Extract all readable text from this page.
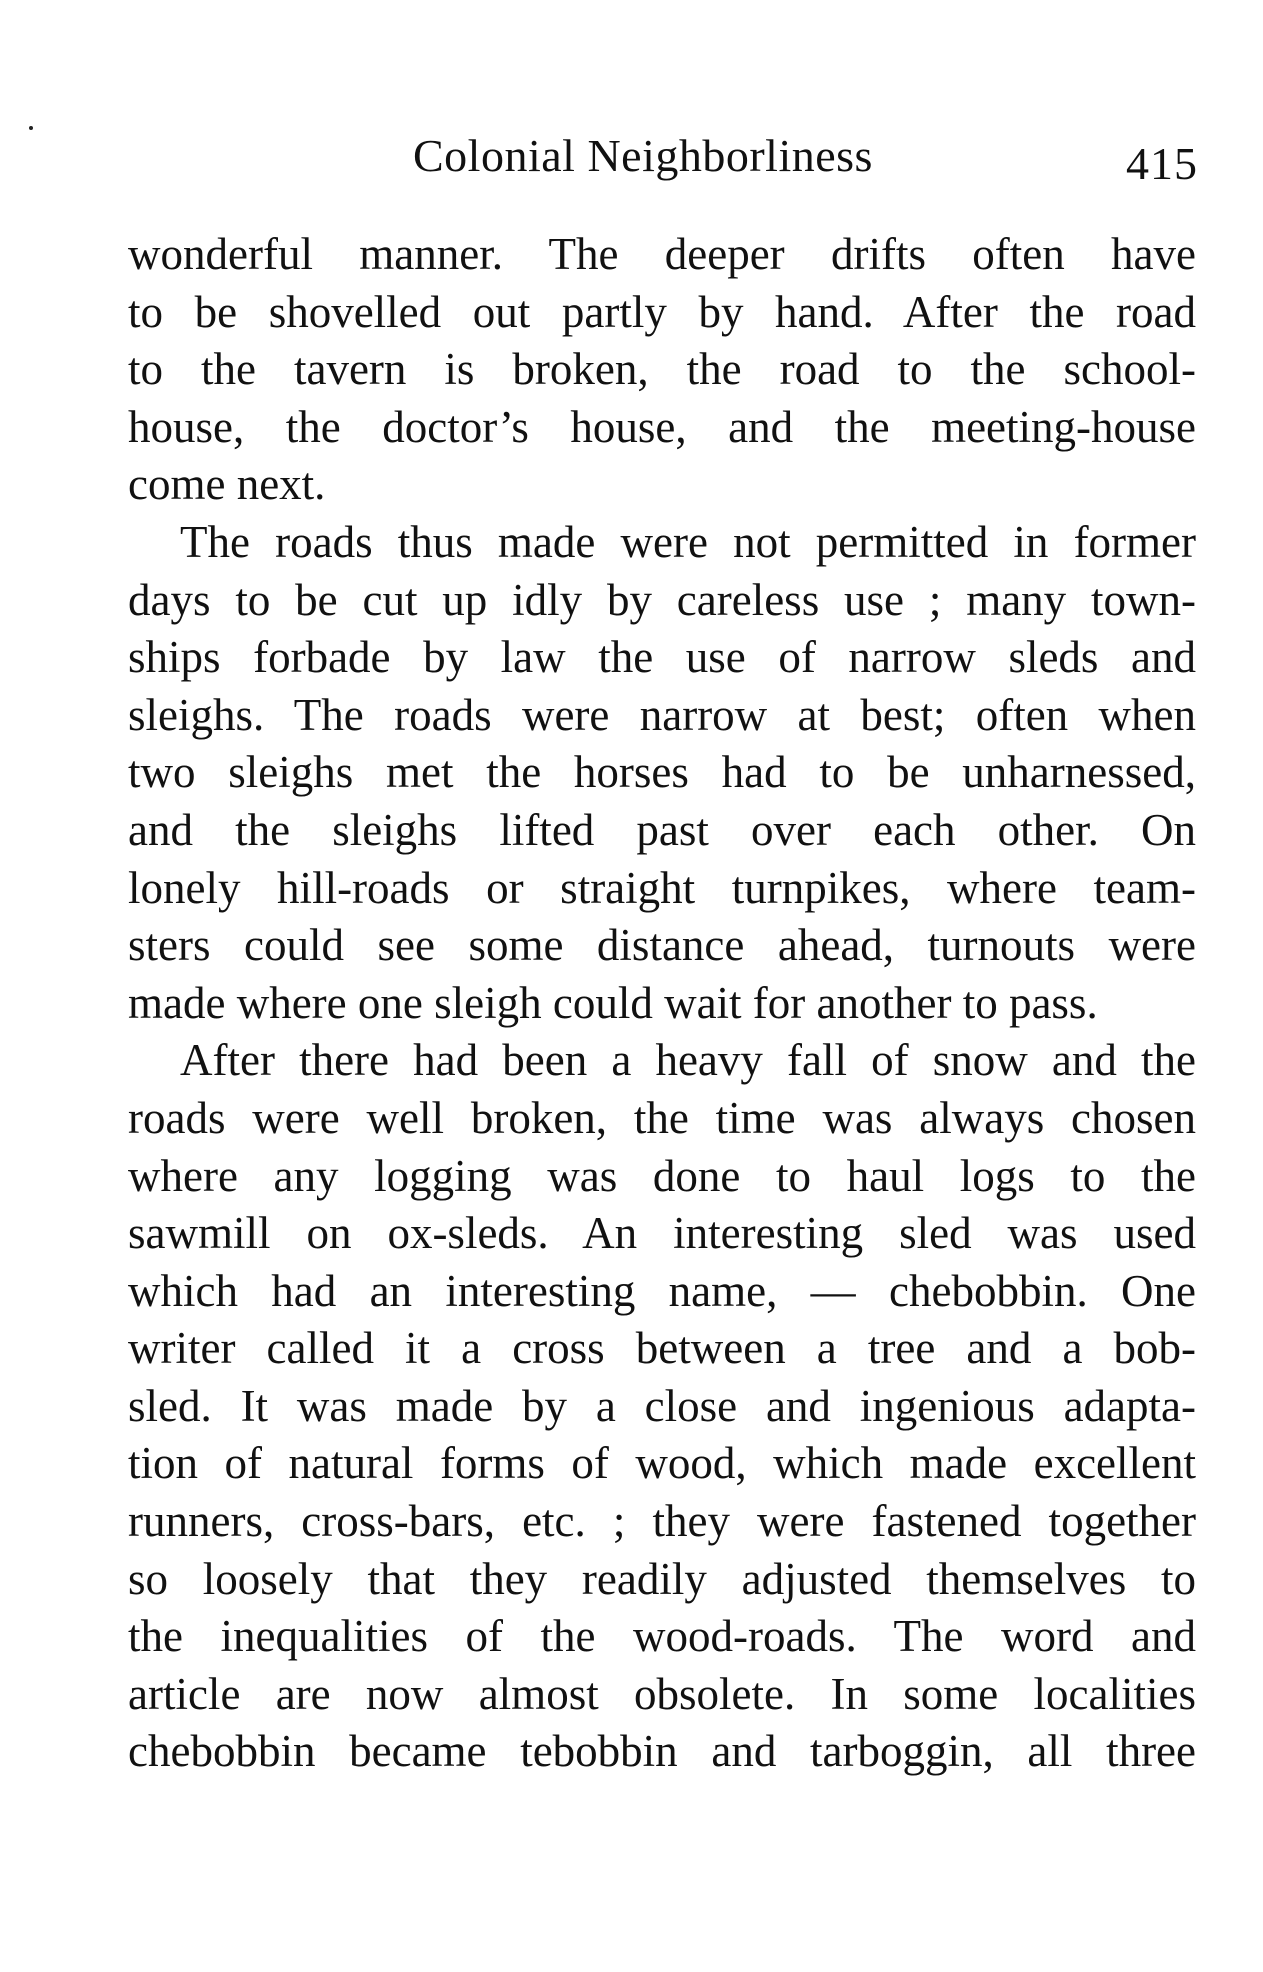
Colonial Neighborliness	415
wonderful manner. The deeper drifts often have
to be shovelled out partly by hand. After the road
to the tavern is broken, the road to the school-
house, the doctor’s house, and the meeting-house
come next.
The roads thus made were not permitted in former
days to be cut up idly by careless use ; many town-
ships forbade by law the use of narrow sleds and
sleighs. The roads were narrow at best; often when
two sleighs met the horses had to be unharnessed,
and the sleighs lifted past over each other. On
lonely hill-roads or straight turnpikes, where team-
sters could see some distance ahead, turnouts were
made where one sleigh could wait for another to pass.
After there had been a heavy fall of snow and the
roads were well broken, the time was always chosen
where any logging was done to haul logs to the
sawmill on ox-sleds. An interesting sled was used
which had an interesting name, — chebobbin. One
writer called it a cross between a tree and a bob-
sled. It was made by a close and ingenious adapta-
tion of natural forms of wood, which made excellent
runners, cross-bars, etc. ; they were fastened together
so loosely that they readily adjusted themselves to
the inequalities of the wood-roads. The word and
article are now almost obsolete. In some localities
chebobbin became tebobbin and tarboggin, all three
